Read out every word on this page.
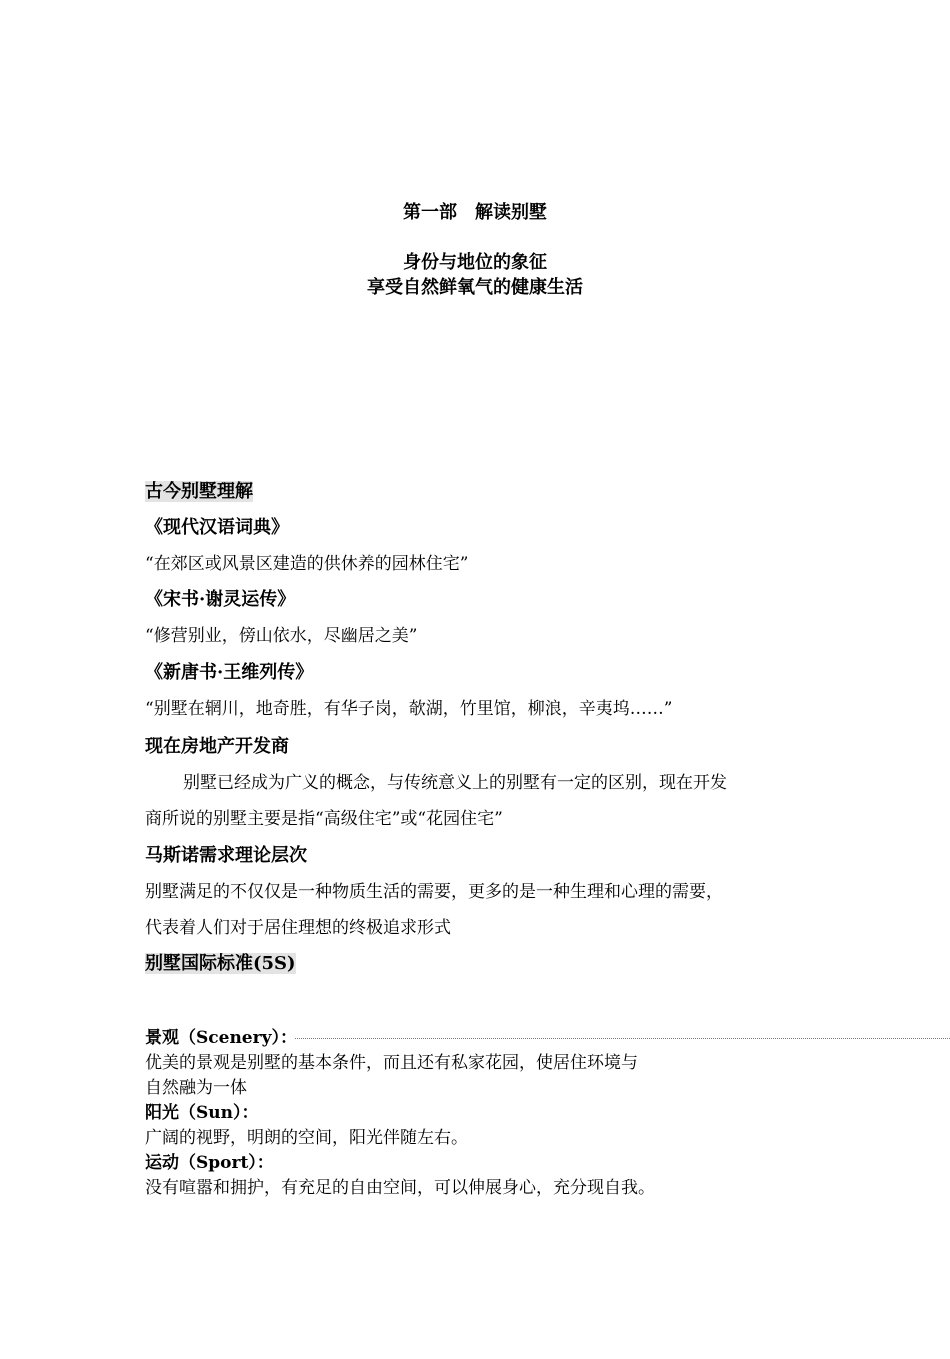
第一部　解读别墅

身份与地位的象征

享受自然鲜氧气的健康生活

古今别墅理解

《现代汉语词典》

“在郊区或风景区建造的供休养的园林住宅”

《宋书·谢灵运传》

“修营别业，傍山依水，尽幽居之美”

《新唐书·王维列传》

“别墅在辋川，地奇胜，有华子岗，欹湖，竹里馆，柳浪，辛夷坞……”

现在房地产开发商

别墅已经成为广义的概念，与传统意义上的别墅有一定的区别，现在开发

商所说的别墅主要是指“高级住宅”或“花园住宅”

马斯诺需求理论层次

别墅满足的不仅仅是一种物质生活的需要，更多的是一种生理和心理的需要，

代表着人们对于居住理想的终极追求形式

别墅国际标准(5S)

景观（Scenery）：

优美的景观是别墅的基本条件，而且还有私家花园，使居住环境与

自然融为一体

阳光（Sun）：

广阔的视野，明朗的空间，阳光伴随左右。

运动（Sport）：

没有喧嚣和拥护，有充足的自由空间，可以伸展身心，充分现自我。
